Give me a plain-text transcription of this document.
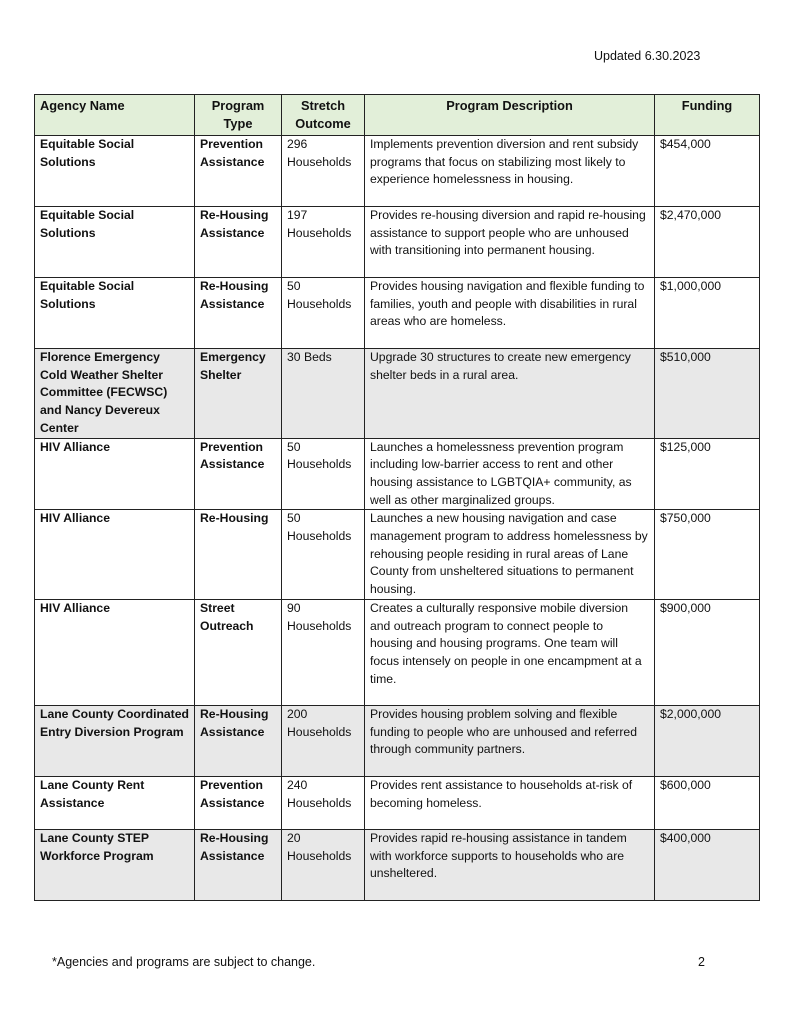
Updated 6.30.2023
Agency Name	Program Type	Stretch Outcome	Program Description	Funding
Equitable Social Solutions	Prevention Assistance	296 Households	Implements prevention diversion and rent subsidy programs that focus on stabilizing most likely to experience homelessness in housing.	$454,000
Equitable Social Solutions	Re-Housing Assistance	197 Households	Provides re-housing diversion and rapid re-housing assistance to support people who are unhoused with transitioning into permanent housing.	$2,470,000
Equitable Social Solutions	Re-Housing Assistance	50 Households	Provides housing navigation and flexible funding to families, youth and people with disabilities in rural areas who are homeless.	$1,000,000
Florence Emergency Cold Weather Shelter Committee (FECWSC) and Nancy Devereux Center	Emergency Shelter	30 Beds	Upgrade 30 structures to create new emergency shelter beds in a rural area.	$510,000
HIV Alliance	Prevention Assistance	50 Households	Launches a homelessness prevention program including low-barrier access to rent and other housing assistance to LGBTQIA+ community, as well as other marginalized groups.	$125,000
HIV Alliance	Re-Housing	50 Households	Launches a new housing navigation and case management program to address homelessness by rehousing people residing in rural areas of Lane County from unsheltered situations to permanent housing.	$750,000
HIV Alliance	Street Outreach	90 Households	Creates a culturally responsive mobile diversion and outreach program to connect people to housing and housing programs. One team will focus intensely on people in one encampment at a time.	$900,000
Lane County Coordinated Entry Diversion Program	Re-Housing Assistance	200 Households	Provides housing problem solving and flexible funding to people who are unhoused and referred through community partners.	$2,000,000
Lane County Rent Assistance	Prevention Assistance	240 Households	Provides rent assistance to households at-risk of becoming homeless.	$600,000
Lane County STEP Workforce Program	Re-Housing Assistance	20 Households	Provides rapid re-housing assistance in tandem with workforce supports to households who are unsheltered.	$400,000
*Agencies and programs are subject to change.	2
